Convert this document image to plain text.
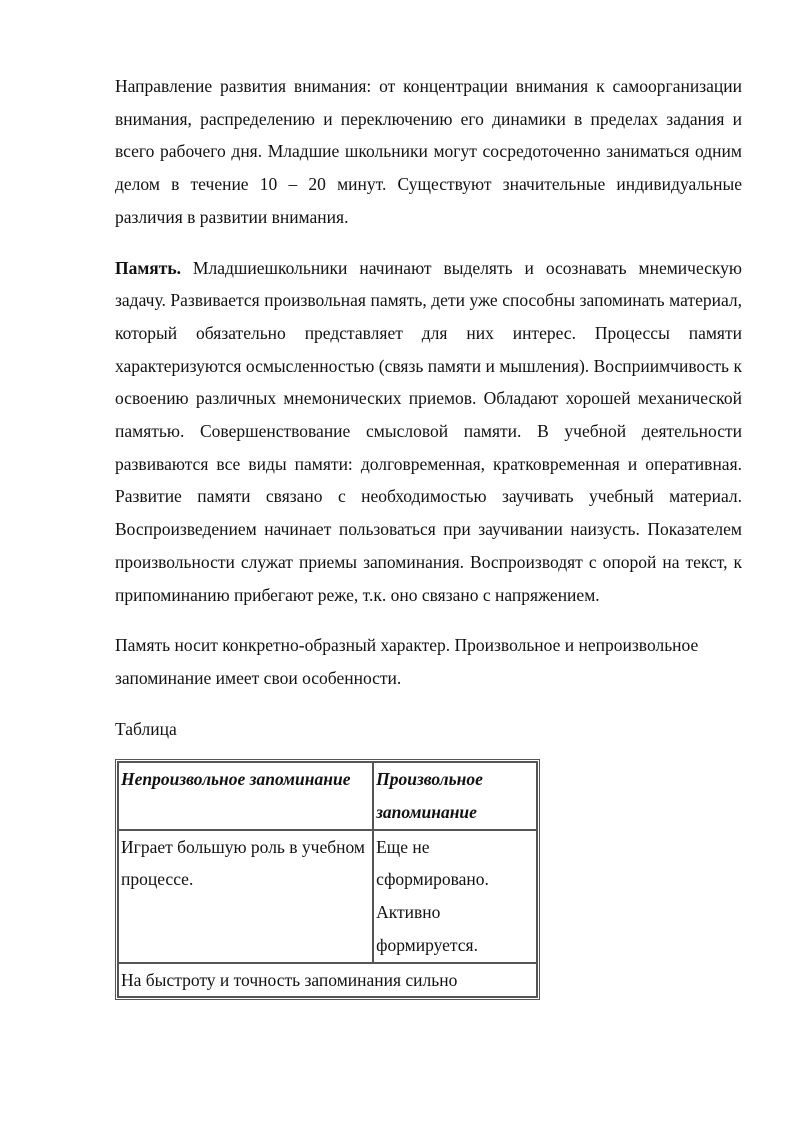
Направление развития внимания: от концентрации внимания к самоорганизации внимания, распределению и переключению его динамики в пределах задания и всего рабочего дня. Младшие школьники могут сосредоточенно заниматься одним делом в течение 10 – 20 минут. Существуют значительные индивидуальные различия в развитии внимания.

Память. Младшиешкольники начинают выделять и осознавать мнемическую задачу. Развивается произвольная память, дети уже способны запоминать материал, который обязательно представляет для них интерес. Процессы памяти характеризуются осмысленностью (связь памяти и мышления). Восприимчивость к освоению различных мнемонических приемов. Обладают хорошей механической памятью. Совершенствование смысловой памяти. В учебной деятельности развиваются все виды памяти: долговременная, кратковременная и оперативная. Развитие памяти связано с необходимостью заучивать учебный материал. Воспроизведением начинает пользоваться при заучивании наизусть. Показателем произвольности служат приемы запоминания. Воспроизводят с опорой на текст, к припоминанию прибегают реже, т.к. оно связано с напряжением.

Память носит конкретно-образный характер. Произвольное и непроизвольное запоминание имеет свои особенности.

Таблица

Непроизвольное запоминание	Произвольное запоминание
Играет большую роль в учебном процессе.	Еще не сформировано. Активно формируется.
На быстроту и точность запоминания сильно	
